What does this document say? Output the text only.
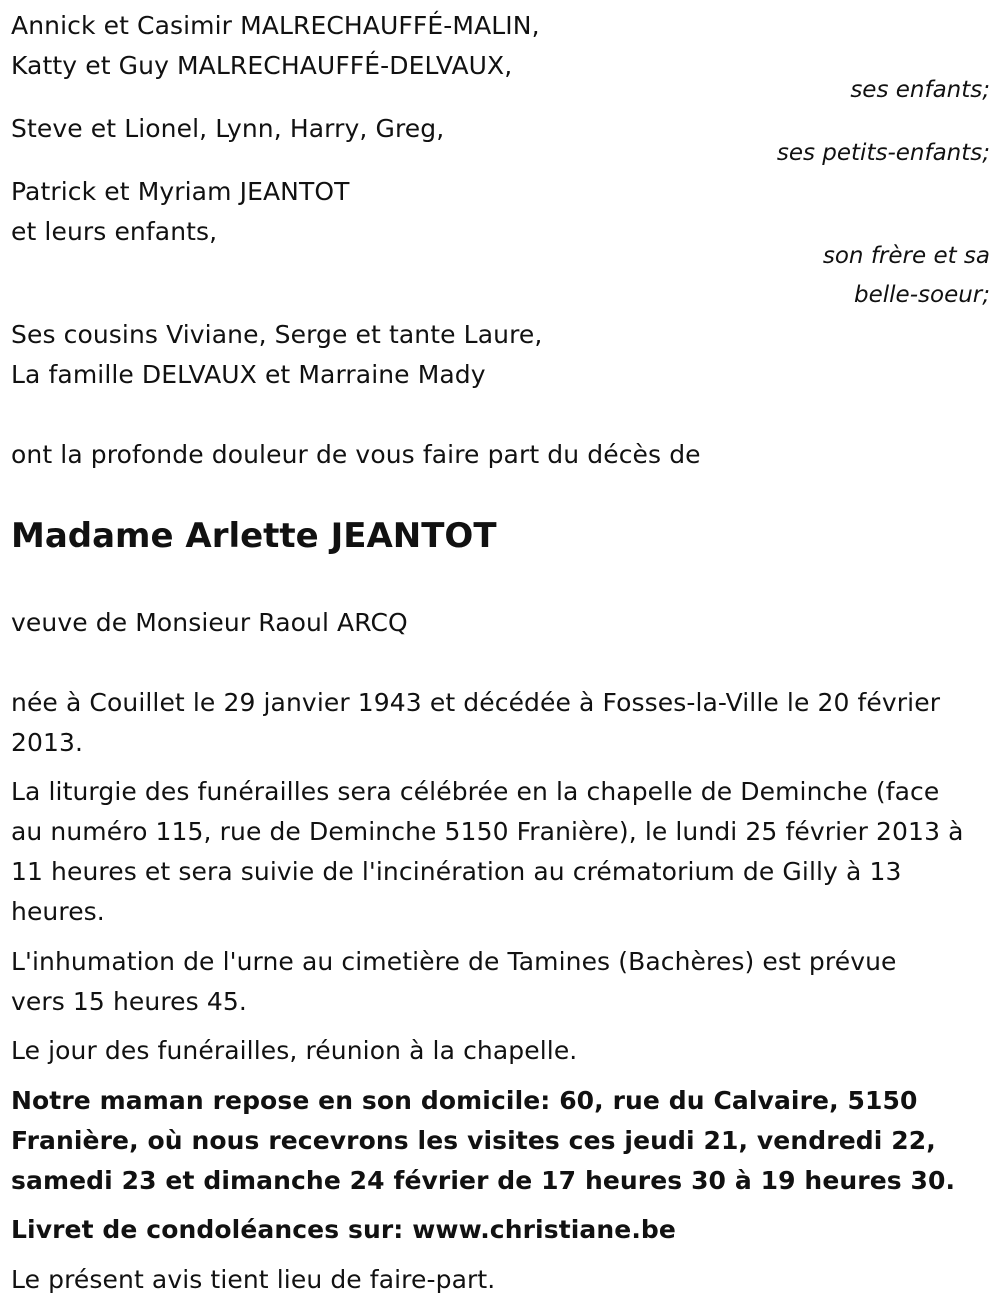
Annick et Casimir MALRECHAUFFÉ-MALIN,
Katty et Guy MALRECHAUFFÉ-DELVAUX,
ses enfants;
Steve et Lionel, Lynn, Harry, Greg,
ses petits-enfants;
Patrick et Myriam JEANTOT
et leurs enfants,
son frère et sa
belle-soeur;
Ses cousins Viviane, Serge et tante Laure,
La famille DELVAUX et Marraine Mady
ont la profonde douleur de vous faire part du décès de
Madame Arlette JEANTOT
veuve de Monsieur Raoul ARCQ
née à Couillet le 29 janvier 1943 et décédée à Fosses-la-Ville le 20 février
2013.
La liturgie des funérailles sera célébrée en la chapelle de Deminche (face
au numéro 115, rue de Deminche 5150 Franière), le lundi 25 février 2013 à
11 heures et sera suivie de l'incinération au crématorium de Gilly à 13
heures.
L'inhumation de l'urne au cimetière de Tamines (Bachères) est prévue
vers 15 heures 45.
Le jour des funérailles, réunion à la chapelle.
Notre maman repose en son domicile: 60, rue du Calvaire, 5150
Franière, où nous recevrons les visites ces jeudi 21, vendredi 22,
samedi 23 et dimanche 24 février de 17 heures 30 à 19 heures 30.
Livret de condoléances sur: www.christiane.be
Le présent avis tient lieu de faire-part.
